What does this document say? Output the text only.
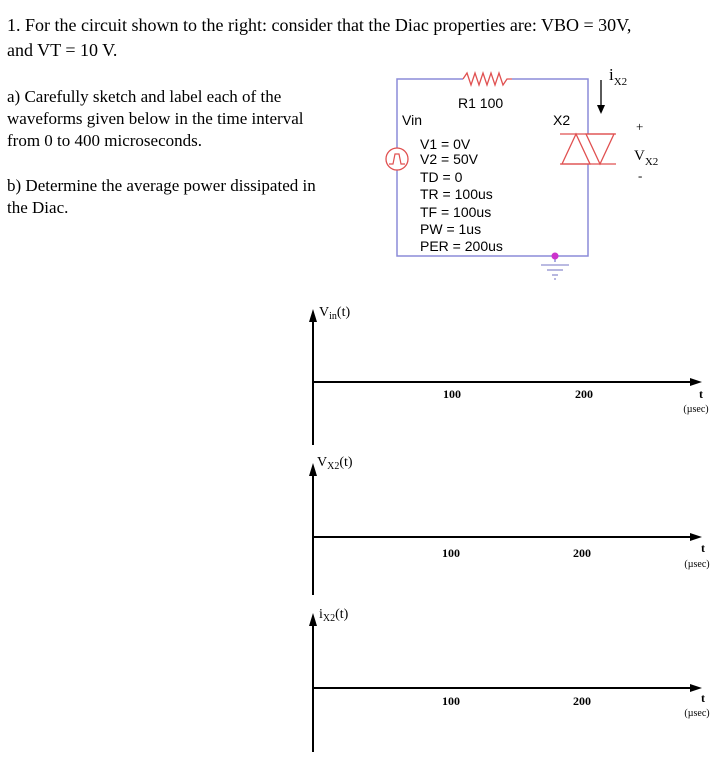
1. For the circuit shown to the right: consider that the Diac properties are: VBO = 30V,

and VT = 10 V.

a) Carefully sketch and label each of the

waveforms given below in the time interval

from 0 to 400 microseconds.

b) Determine the average power dissipated in

the Diac.

R1 100
Vin
V1 = 0V
V2 = 50V
TD = 0
TR = 100us
TF = 100us
PW = 1us
PER = 200us
X2
$i_{X2}$
+
$V_{X2}$
-
$V_{in}(t)$
100	200	t
(µsec)
$V_{X2}(t)$
100	200	t
(µsec)
$i_{X2}(t)$
100	200	t
(µsec)
